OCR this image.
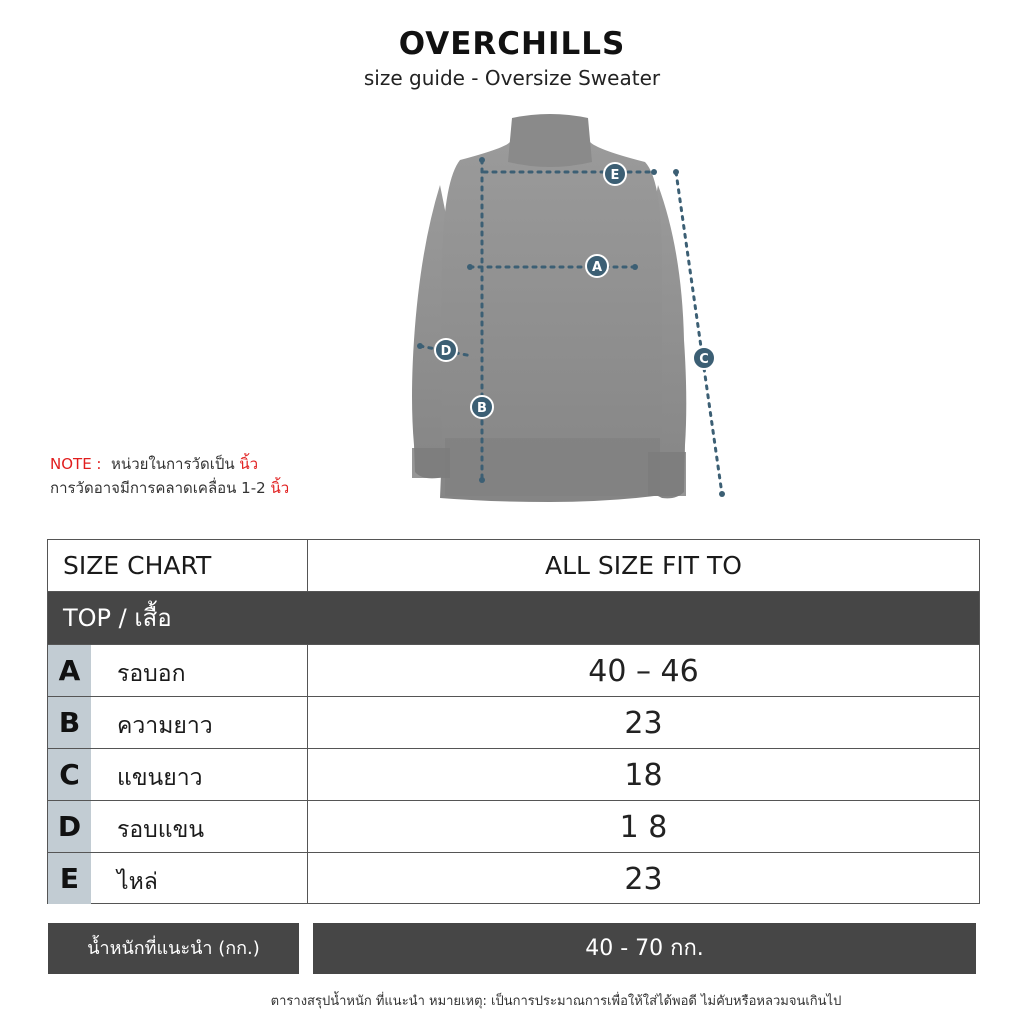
OVERCHILLS
size guide - Oversize Sweater
E
A
D
B
C
NOTE : หน่วยในการวัดเป็น นิ้ว
การวัดอาจมีการคลาดเคลื่อน 1-2 นิ้ว
SIZE CHART	ALL SIZE FIT TO
TOP / เสื้อ
A	รอบอก	40 – 46
B	ความยาว	23
C	แขนยาว	18
D	รอบแขน	1 8
E	ไหล่	23
น้ำหนักที่แนะนำ (กก.)	40 - 70 กก.
ตารางสรุปน้ำหนัก ที่แนะนำ หมายเหตุ: เป็นการประมาณการเพื่อให้ใส่ได้พอดี ไม่คับหรือหลวมจนเกินไป
